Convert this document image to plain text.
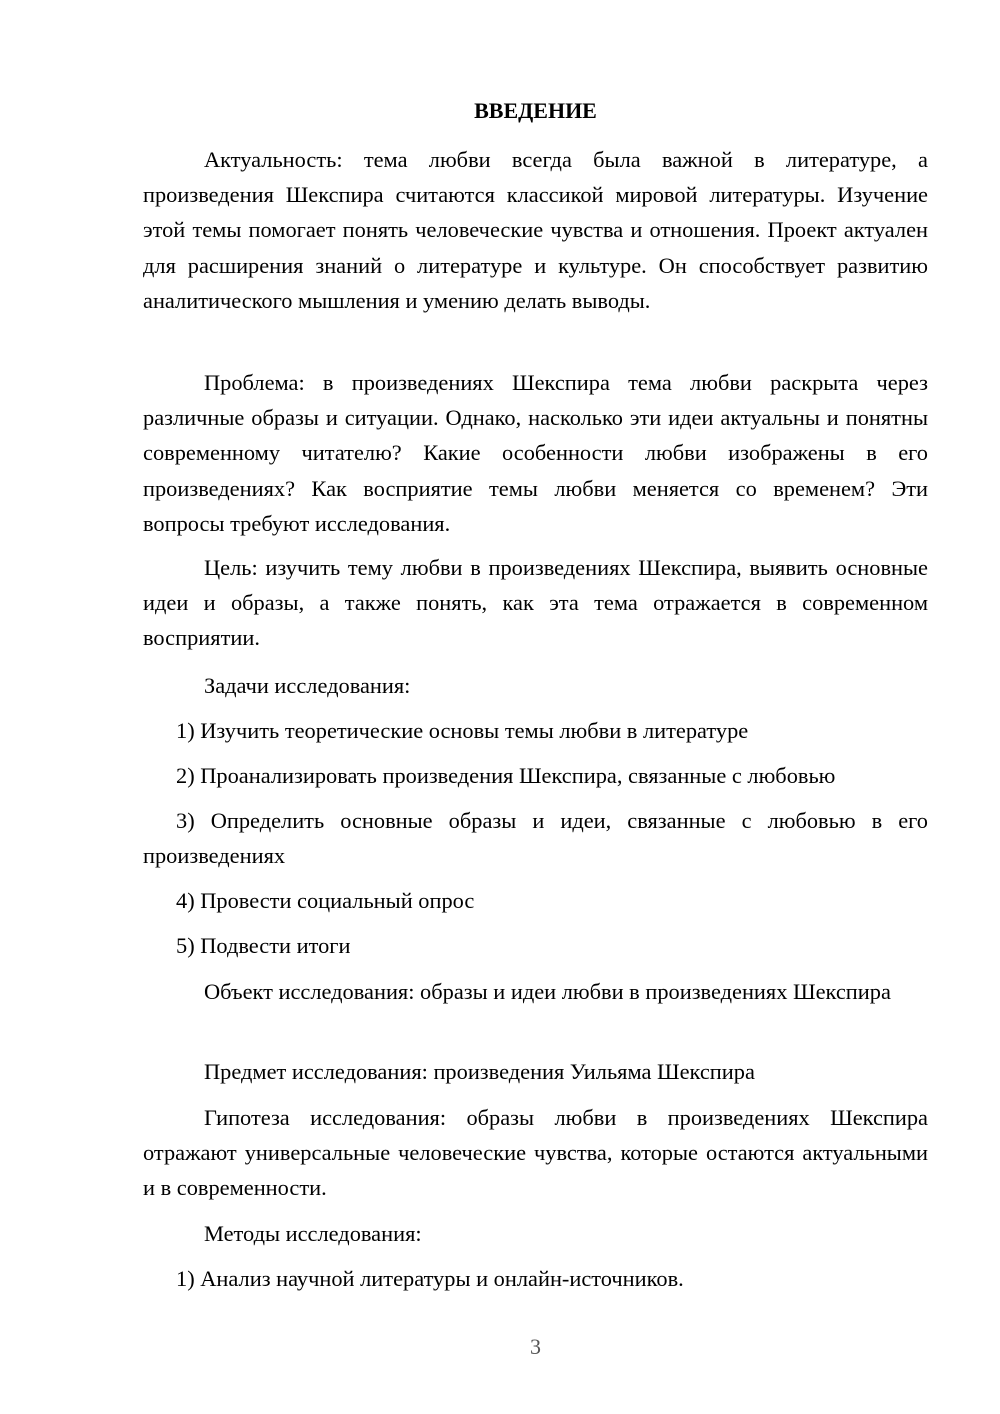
ВВЕДЕНИЕ

Актуальность: тема любви всегда была важной в литературе, а произведения Шекспира считаются классикой мировой литературы. Изучение этой темы помогает понять человеческие чувства и отношения. Проект актуален для расширения знаний о литературе и культуре. Он способствует развитию аналитического мышления и умению делать выводы.

Проблема: в произведениях Шекспира тема любви раскрыта через различные образы и ситуации. Однако, насколько эти идеи актуальны и понятны современному читателю? Какие особенности любви изображены в его произведениях? Как восприятие темы любви меняется со временем? Эти вопросы требуют исследования.

Цель: изучить тему любви в произведениях Шекспира, выявить основные идеи и образы, а также понять, как эта тема отражается в современном восприятии.

Задачи исследования:

1) Изучить теоретические основы темы любви в литературе

2) Проанализировать произведения Шекспира, связанные с любовью

3) Определить основные образы и идеи, связанные с любовью в его произведениях

4) Провести социальный опрос

5) Подвести итоги

Объект исследования: образы и идеи любви в произведениях Шекспира

Предмет исследования: произведения Уильяма Шекспира

Гипотеза исследования: образы любви в произведениях Шекспира отражают универсальные человеческие чувства, которые остаются актуальными и в современности.

Методы исследования:

1) Анализ научной литературы и онлайн-источников.

3
